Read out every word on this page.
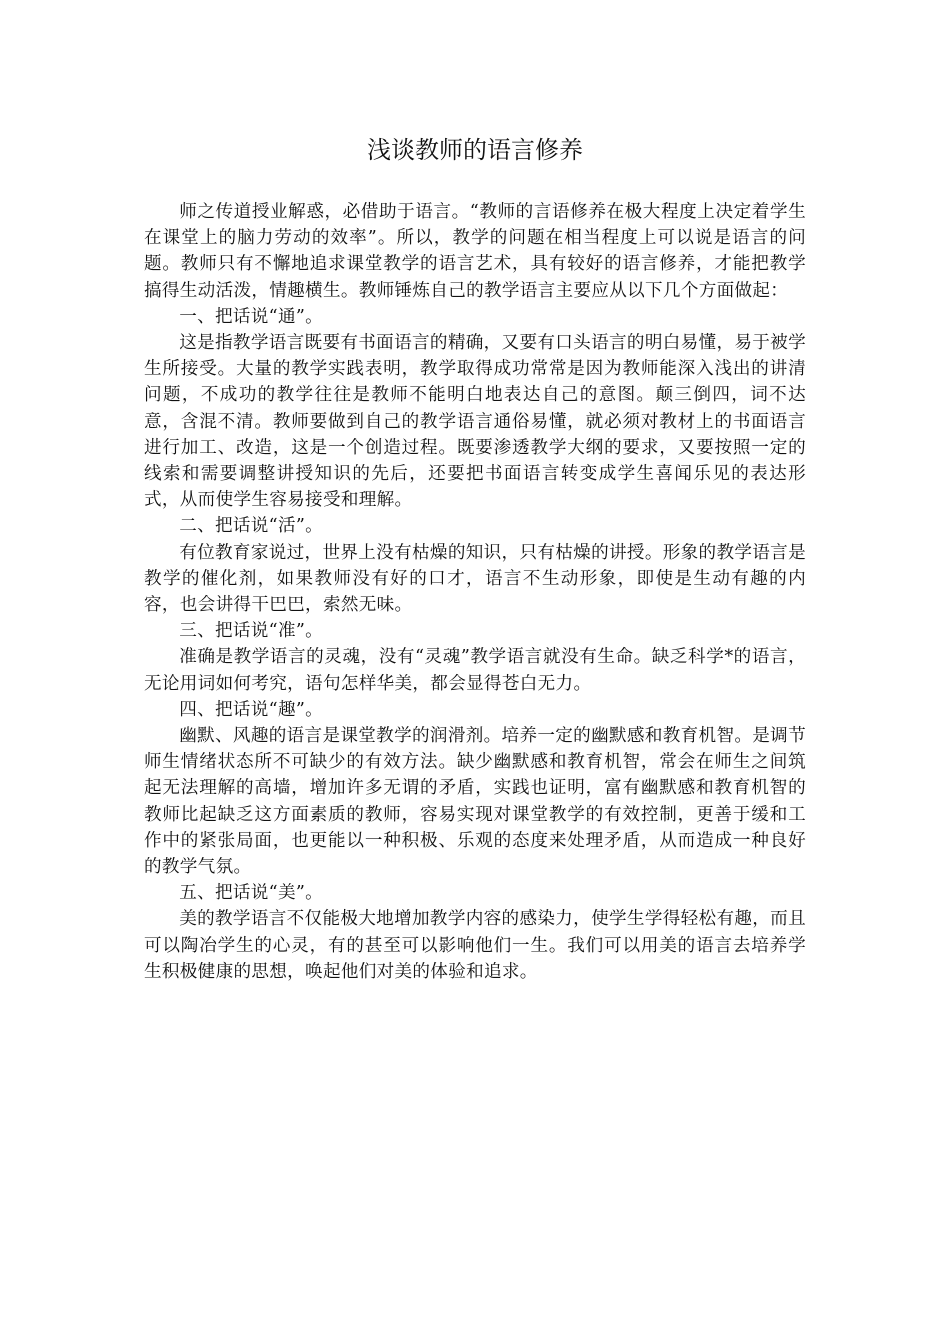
浅谈教师的语言修养

师之传道授业解惑，必借助于语言。“教师的言语修养在极大程度上决定着学生在课堂上的脑力劳动的效率”。所以，教学的问题在相当程度上可以说是语言的问题。教师只有不懈地追求课堂教学的语言艺术，具有较好的语言修养，才能把教学搞得生动活泼，情趣横生。教师锤炼自己的教学语言主要应从以下几个方面做起：

一、把话说“通”。

这是指教学语言既要有书面语言的精确，又要有口头语言的明白易懂，易于被学生所接受。大量的教学实践表明，教学取得成功常常是因为教师能深入浅出的讲清问题，不成功的教学往往是教师不能明白地表达自己的意图。颠三倒四，词不达意，含混不清。教师要做到自己的教学语言通俗易懂，就必须对教材上的书面语言进行加工、改造，这是一个创造过程。既要渗透教学大纲的要求，又要按照一定的线索和需要调整讲授知识的先后，还要把书面语言转变成学生喜闻乐见的表达形式，从而使学生容易接受和理解。

二、把话说“活”。

有位教育家说过，世界上没有枯燥的知识，只有枯燥的讲授。形象的教学语言是教学的催化剂，如果教师没有好的口才，语言不生动形象，即使是生动有趣的内容，也会讲得干巴巴，索然无味。

三、把话说“准”。

准确是教学语言的灵魂，没有“灵魂”教学语言就没有生命。缺乏科学*的语言，无论用词如何考究，语句怎样华美，都会显得苍白无力。

四、把话说“趣”。

幽默、风趣的语言是课堂教学的润滑剂。培养一定的幽默感和教育机智。是调节师生情绪状态所不可缺少的有效方法。缺少幽默感和教育机智，常会在师生之间筑起无法理解的高墙，增加许多无谓的矛盾，实践也证明，富有幽默感和教育机智的教师比起缺乏这方面素质的教师，容易实现对课堂教学的有效控制，更善于缓和工作中的紧张局面，也更能以一种积极、乐观的态度来处理矛盾，从而造成一种良好的教学气氛。

五、把话说“美”。

美的教学语言不仅能极大地增加教学内容的感染力，使学生学得轻松有趣，而且可以陶冶学生的心灵，有的甚至可以影响他们一生。我们可以用美的语言去培养学生积极健康的思想，唤起他们对美的体验和追求。
